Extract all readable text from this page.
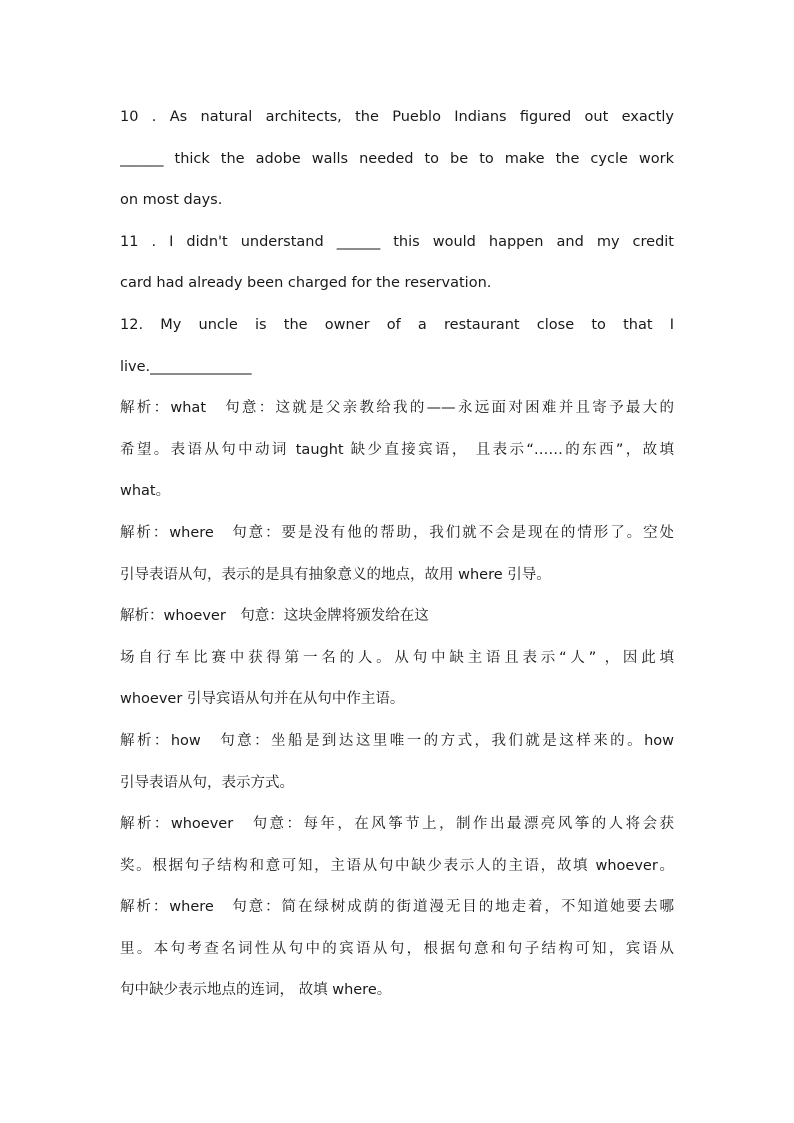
10 . As natural architects, the Pueblo Indians figured out exactly
______ thick the adobe walls needed to be to make the cycle work
on most days.
11 . I didn't understand ______ this would happen and my credit
card had already been charged for the reservation.
12. My uncle is the owner of a restaurant close to that I
live.______________
解析：what　句意：这就是父亲教给我的——永远面对困难并且寄予最大的
希望。表语从句中动词 taught 缺少直接宾语， 且表示“……的东西”，故填
what。
解析：where　句意：要是没有他的帮助，我们就不会是现在的情形了。空处
引导表语从句，表示的是具有抽象意义的地点，故用 where 引导。
解析：whoever　句意：这块金牌将颁发给在这
场自行车比赛中获得第一名的人。从句中缺主语且表示“人” ，因此填
whoever 引导宾语从句并在从句中作主语。
解析：how　句意：坐船是到达这里唯一的方式，我们就是这样来的。how
引导表语从句，表示方式。
解析：whoever　句意：每年，在风筝节上，制作出最漂亮风筝的人将会获
奖。根据句子结构和意可知，主语从句中缺少表示人的主语，故填 whoever。
解析：where　句意：简在绿树成荫的街道漫无目的地走着，不知道她要去哪
里。本句考查名词性从句中的宾语从句，根据句意和句子结构可知，宾语从
句中缺少表示地点的连词， 故填 where。
